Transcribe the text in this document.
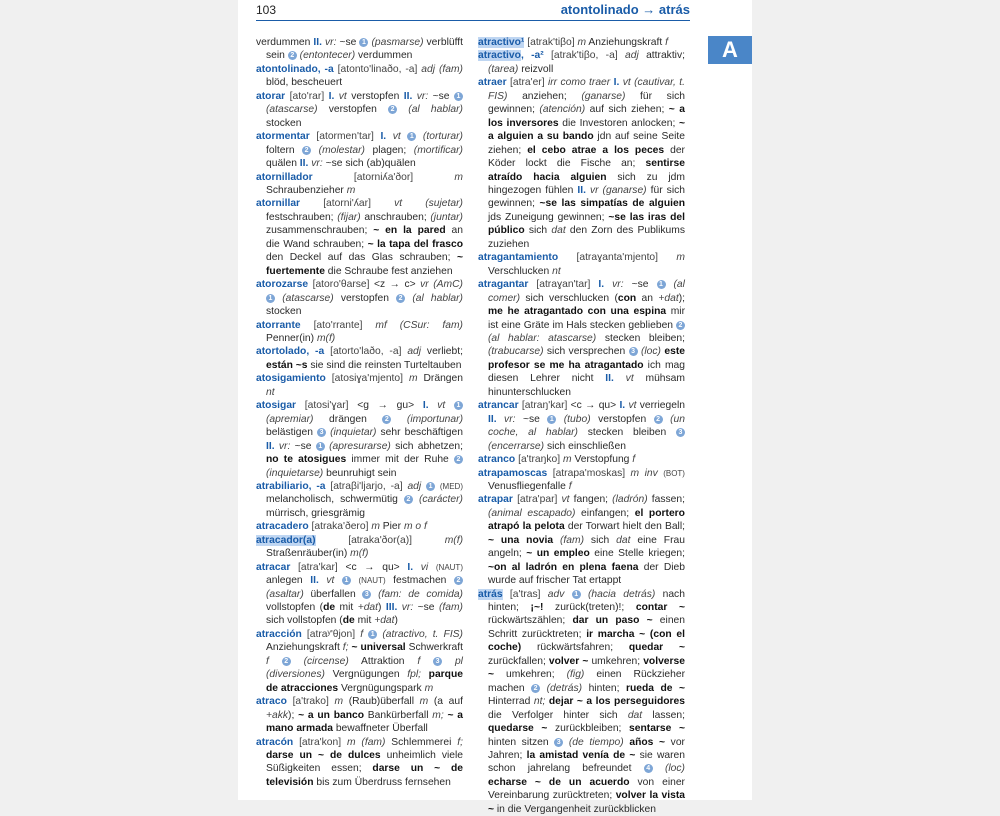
103	atontolinado → atrás
A

verdummen II. vr: ~se 1 (pasmarse) verblüfft sein 2 (entontecer) verdummen

atontolinado, -a [atonto'linaðo, -a] adj (fam) blöd, bescheuert

atorar [ato'rar] I. vt verstopfen II. vr: ~se 1 (atascarse) verstopfen 2 (al hablar) stocken

atormentar [atormen'tar] I. vt 1 (torturar) foltern 2 (molestar) plagen; (mortificar) quälen II. vr: ~se sich (ab)quälen

atornillador	[atorniʎa'ðor]	m Schraubenzieher m

atornillar [atorni'ʎar] vt (sujetar) festschrauben; (fijar) anschrauben; (juntar) zusammenschrauben; ~ en la pared an die Wand schrauben; ~ la tapa del frasco den Deckel auf das Glas schrauben; ~ fuertemente die Schraube fest anziehen

atorozarse [atoro'θarse] <z → c> vr (AmC) 1 (atascarse) verstopfen 2 (al hablar) stocken

atorrante [ato'rrante] mf (CSur: fam) Penner(in) m(f)

atortolado, -a [atorto'laðo, -a] adj verliebt; están ~s sie sind die reinsten Turteltauben

atosigamiento [atosiɣa'mjento] m Drängen nt

atosigar [atosi'ɣar] <g → gu> I. vt 1 (apremiar) drängen 2 (importunar) belästigen 3 (inquietar) sehr beschäftigen II. vr: ~se 1 (apresurarse) sich abhetzen; no te atosigues immer mit der Ruhe 2 (inquietarse) beunruhigt sein

atrabiliario, -a [atraβi'ljarjo, -a] adj 1 (MED) melancholisch, schwermütig 2 (carácter) mürrisch, griesgrämig

atracadero [atraka'ðero] m Pier m o f

atracador(a)	[atraka'ðor(a)]	m(f) Straßenräuber(in) m(f)

atracar [atra'kar] <c → qu> I. vi (NAUT) anlegen II. vt 1 (NAUT) festmachen 2 (asaltar) überfallen 3 (fam: de comida) vollstopfen (de mit +dat) III. vr: ~se (fam) sich vollstopfen (de mit +dat)

atracción [atraʸ'θjon] f 1 (atractivo, t. FIS) Anziehungskraft f; ~ universal Schwerkraft f 2 (circense) Attraktion f 3 pl (diversiones) Vergnügungen fpl; parque de atracciones Vergnügungspark m

atraco [a'trako] m (Raub)überfall m (a auf +akk); ~ a un banco Bankürberfall m; ~ a mano armada bewaffneter Überfall

atracón [atra'kon] m (fam) Schlemmerei f; darse un ~ de dulces unheimlich viele Süßigkeiten essen; darse un ~ de televisión bis zum Überdruss fernsehen

atractivo¹ [atrak'tiβo] m Anziehungskraft f

atractivo, -a² [atrak'tiβo, -a] adj attraktiv; (tarea) reizvoll

atraer [atra'er] irr como traer I. vt (cautivar, t. FIS) anziehen; (ganarse) für sich gewinnen; (atención) auf sich ziehen; ~ a los inversores die Investoren anlocken; ~ a alguien a su bando jdn auf seine Seite ziehen; el cebo atrae a los peces der Köder lockt die Fische an; sentirse atraído hacia alguien sich zu jdm hingezogen fühlen II. vr (ganarse) für sich gewinnen; ~se las simpatías de alguien jds Zuneigung gewinnen; ~se las iras del público sich dat den Zorn des Publikums zuziehen

atragantamiento [atraɣanta'mjento] m Verschlucken nt

atragantar [atraɣan'tar] I. vr: ~se 1 (al comer) sich verschlucken (con an +dat); me he atragantado con una espina mir ist eine Gräte im Hals stecken geblieben 2 (al hablar: atascarse) stecken bleiben; (trabucarse) sich versprechen 3 (loc) este profesor se me ha atragantado ich mag diesen Lehrer nicht II. vt mühsam hinunterschlucken

atrancar [atraŋ'kar] <c → qu> I. vt verriegeln II. vr: ~se 1 (tubo) verstopfen 2 (un coche, al hablar) stecken bleiben 3 (encerrarse) sich einschließen

atranco [a'traŋko] m Verstopfung f

atrapamoscas [atrapa'moskas] m inv (BOT) Venusfliegenfalle f

atrapar [atra'par] vt fangen; (ladrón) fassen; (animal escapado) einfangen; el portero atrapó la pelota der Torwart hielt den Ball; ~ una novia (fam) sich dat eine Frau angeln; ~ un empleo eine Stelle kriegen; ~on al ladrón en plena faena der Dieb wurde auf frischer Tat ertappt

atrás [a'tras] adv 1 (hacia detrás) nach hinten; ¡~! zurück(treten)!; contar ~ rückwärtszählen; dar un paso ~ einen Schritt zurücktreten; ir marcha ~ (con el coche) rückwärtsfahren; quedar ~ zurückfallen; volver ~ umkehren; volverse ~ umkehren; (fig) einen Rückzieher machen 2 (detrás) hinten; rueda de ~ Hinterrad nt; dejar ~ a los perseguidores die Verfolger hinter sich dat lassen; quedarse ~ zurückbleiben; sentarse ~ hinten sitzen 3 (de tiempo) años ~ vor Jahren; la amistad venía de ~ sie waren schon jahrelang befreundet 4 (loc) echarse ~ de un acuerdo von einer Vereinbarung zurücktreten; volver la vista ~ in die Vergangenheit zurückblicken
